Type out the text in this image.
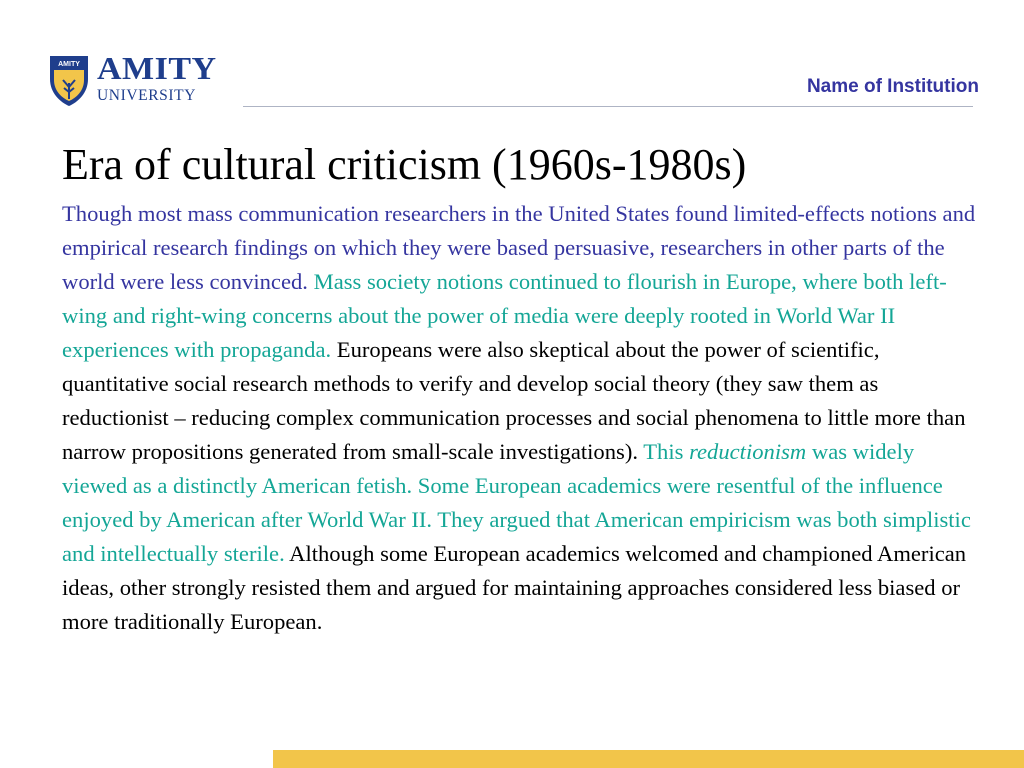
AMITY AMITY
UNIVERSITY	Name of Institution
Era of cultural criticism (1960s-1980s)

Though most mass communication researchers in the United States found limited-effects notions and empirical research findings on which they were based persuasive, researchers in other parts of the world were less convinced. Mass society notions continued to flourish in Europe, where both left-wing and right-wing concerns about the power of media were deeply rooted in World War II experiences with propaganda. Europeans were also skeptical about the power of scientific, quantitative social research methods to verify and develop social theory (they saw them as reductionist – reducing complex communication processes and social phenomena to little more than narrow propositions generated from small-scale investigations). This reductionism was widely viewed as a distinctly American fetish. Some European academics were resentful of the influence enjoyed by American after World War II. They argued that American empiricism was both simplistic and intellectually sterile. Although some European academics welcomed and championed American ideas, other strongly resisted them and argued for maintaining approaches considered less biased or more traditionally European.
